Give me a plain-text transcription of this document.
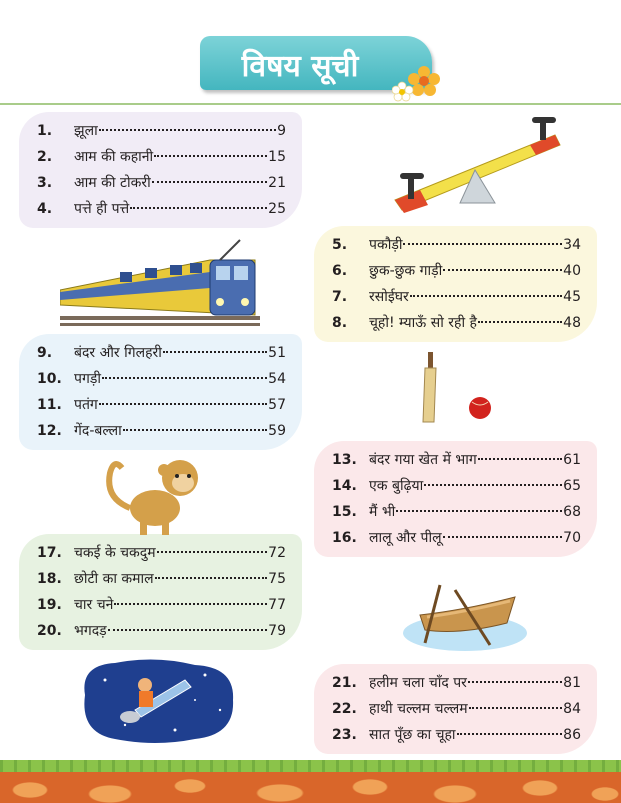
विषय सूची
1.	झूला	9
2.	आम की कहानी	15
3.	आम की टोकरी	21
4.	पत्ते ही पत्ते	25
5.	पकौड़ी	34
6.	छुक-छुक गाड़ी	40
7.	रसोईघर	45
8.	चूहो! म्याऊँ सो रही है	48
9.	बंदर और गिलहरी	51
10. पगड़ी	54
11. पतंग	57
12. गेंद-बल्ला	59
13. बंदर गया खेत में भाग	61
14. एक बुढ़िया	65
15. मैं भी	68
16. लालू और पीलू	70
17. चकई के चकदुम	72
18. छोटी का कमाल	75
19. चार चने	77
20. भगदड़	79
21. हलीम चला चाँद पर	81
22. हाथी चल्लम चल्लम	84
23. सात पूँछ का चूहा	86
